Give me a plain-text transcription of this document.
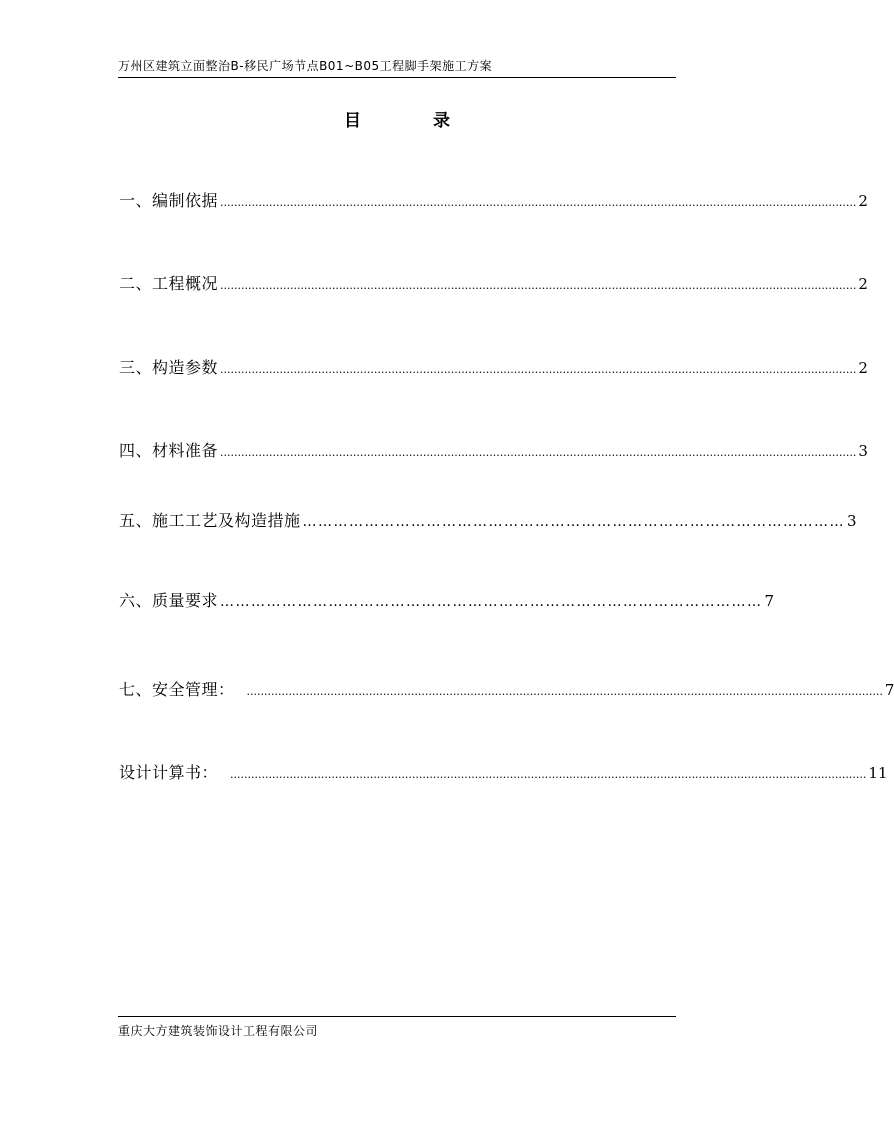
万州区建筑立面整治B-移民广场节点B01~B05工程脚手架施工方案
目	录
一、编制依据 ...................................................................................................................................................................................... 2
二、工程概况 ...................................................................................................................................................................................... 2
三、构造参数 ...................................................................................................................................................................................... 2
四、材料准备 ...................................................................................................................................................................................... 3
五、施工工艺及构造措施 …………………………………………………………………………………………… 3
六、质量要求 …………………………………………………………………………………………… 7
七、安全管理： ...................................................................................................................................................................................... 7
设计计算书： ...................................................................................................................................................................................... 11
重庆大方建筑装饰设计工程有限公司
